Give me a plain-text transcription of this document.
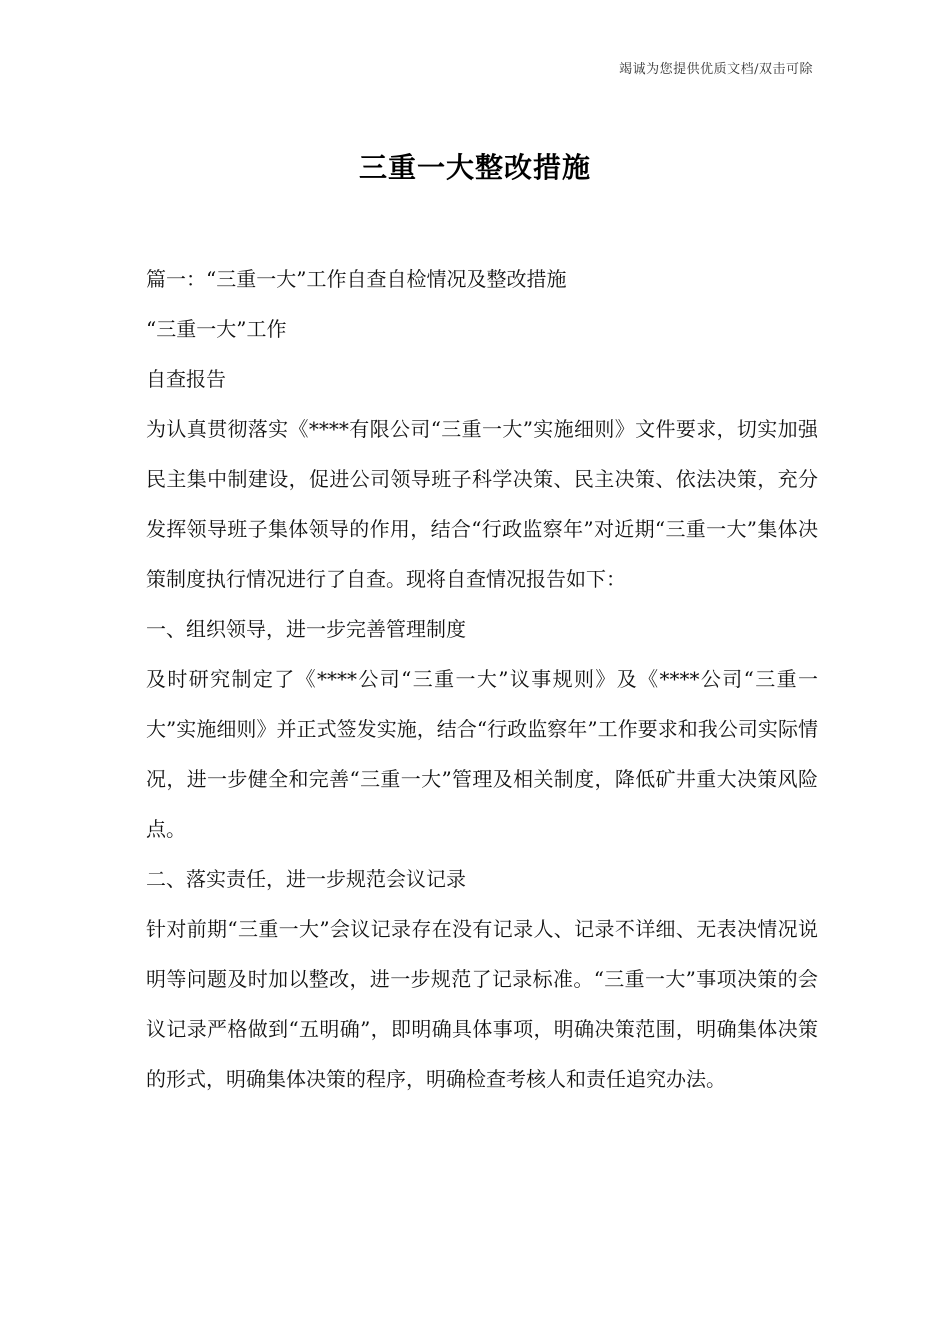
竭诚为您提供优质文档/双击可除
三重一大整改措施
篇一：“三重一大”工作自查自检情况及整改措施
“三重一大”工作
自查报告

为认真贯彻落实《****有限公司“三重一大”实施细则》文件要求，切实加强民主集中制建设，促进公司领导班子科学决策、民主决策、依法决策，充分发挥领导班子集体领导的作用，结合“行政监察年”对近期“三重一大”集体决策制度执行情况进行了自查。现将自查情况报告如下：

一、组织领导，进一步完善管理制度

及时研究制定了《****公司“三重一大”议事规则》及《****公司“三重一大”实施细则》并正式签发实施，结合“行政监察年”工作要求和我公司实际情况，进一步健全和完善“三重一大”管理及相关制度，降低矿井重大决策风险点。

二、落实责任，进一步规范会议记录

针对前期“三重一大”会议记录存在没有记录人、记录不详细、无表决情况说明等问题及时加以整改，进一步规范了记录标准。“三重一大”事项决策的会议记录严格做到“五明确”，即明确具体事项，明确决策范围，明确集体决策的形式，明确集体决策的程序，明确检查考核人和责任追究办法。
